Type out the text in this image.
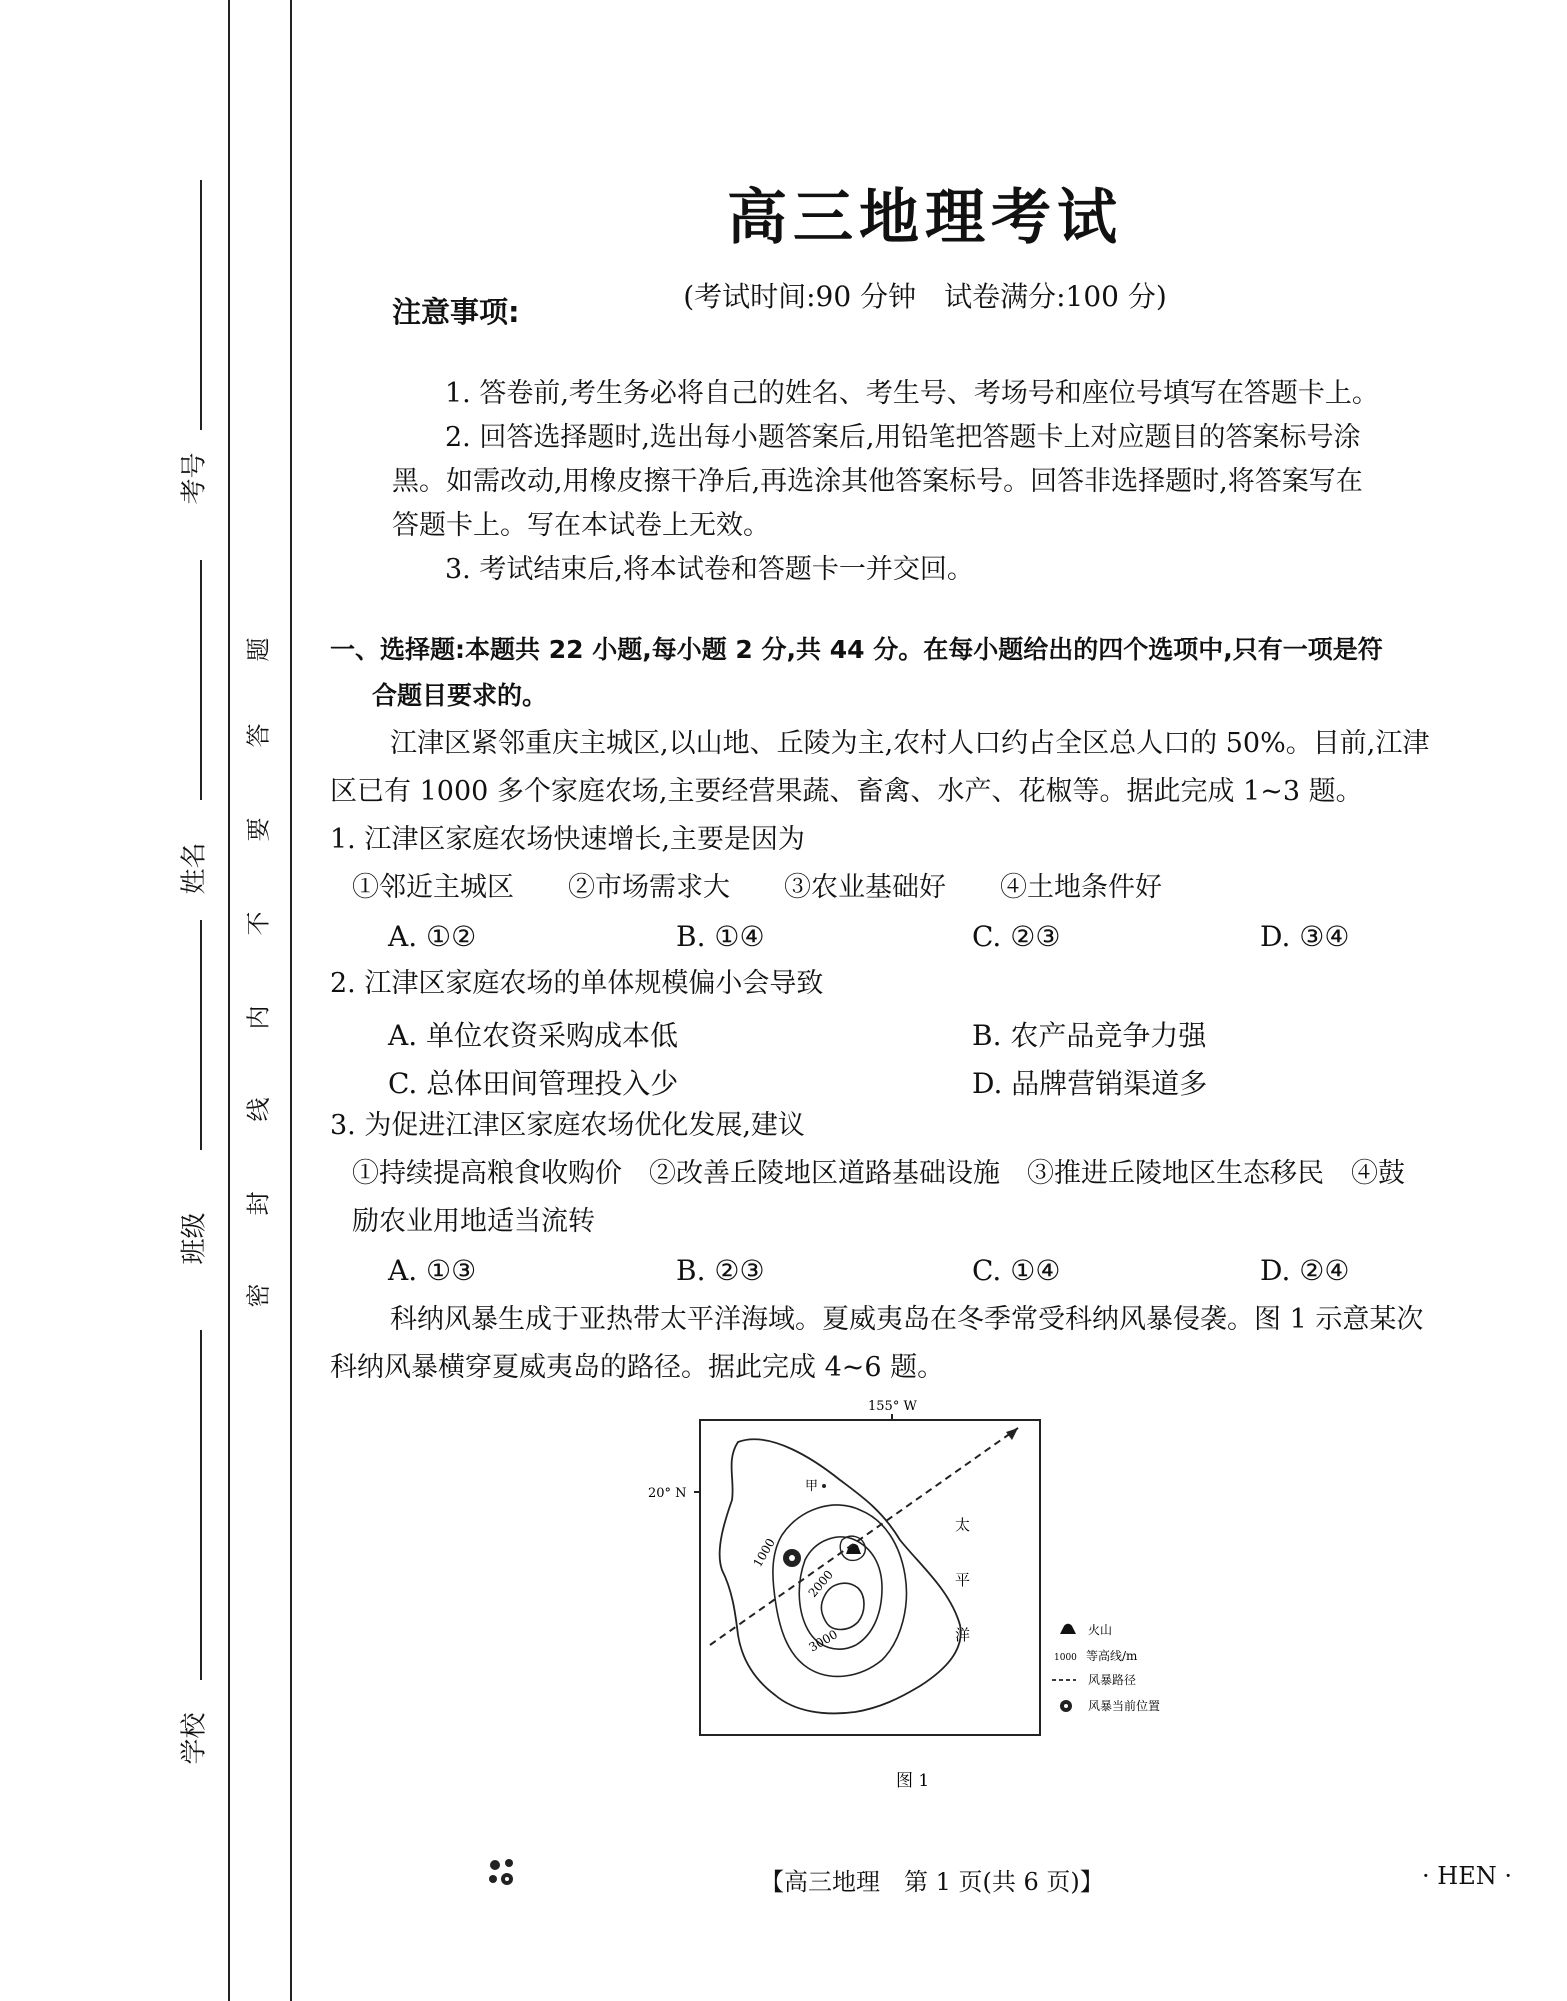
考号
姓名
班级
学校
题
答
要
不
内
线
封
密
高三地理考试
(考试时间:90 分钟　试卷满分:100 分)
注意事项:
1. 答卷前,考生务必将自己的姓名、考生号、考场号和座位号填写在答题卡上。
2. 回答选择题时,选出每小题答案后,用铅笔把答题卡上对应题目的答案标号涂
黑。如需改动,用橡皮擦干净后,再选涂其他答案标号。回答非选择题时,将答案写在
答题卡上。写在本试卷上无效。
3. 考试结束后,将本试卷和答题卡一并交回。
一、选择题:本题共 22 小题,每小题 2 分,共 44 分。在每小题给出的四个选项中,只有一项是符
合题目要求的。
江津区紧邻重庆主城区,以山地、丘陵为主,农村人口约占全区总人口的 50%。目前,江津
区已有 1000 多个家庭农场,主要经营果蔬、畜禽、水产、花椒等。据此完成 1~3 题。
1. 江津区家庭农场快速增长,主要是因为
①邻近主城区　　②市场需求大　　③农业基础好　　④土地条件好
A. ①②	B. ①④	C. ②③	D. ③④
2. 江津区家庭农场的单体规模偏小会导致
A. 单位农资采购成本低	B. 农产品竞争力强
C. 总体田间管理投入少	D. 品牌营销渠道多
3. 为促进江津区家庭农场优化发展,建议
①持续提高粮食收购价　②改善丘陵地区道路基础设施　③推进丘陵地区生态移民　④鼓
励农业用地适当流转
A. ①③	B. ②③	C. ①④	D. ②④
科纳风暴生成于亚热带太平洋海域。夏威夷岛在冬季常受科纳风暴侵袭。图 1 示意某次
科纳风暴横穿夏威夷岛的路径。据此完成 4~6 题。
155° W
20° N	甲
1000
2000
3000
太
平
洋	火山
1000 等高线/m
风暴路径
风暴当前位置
图 1
【高三地理　第 1 页(共 6 页)】	· HEN ·
